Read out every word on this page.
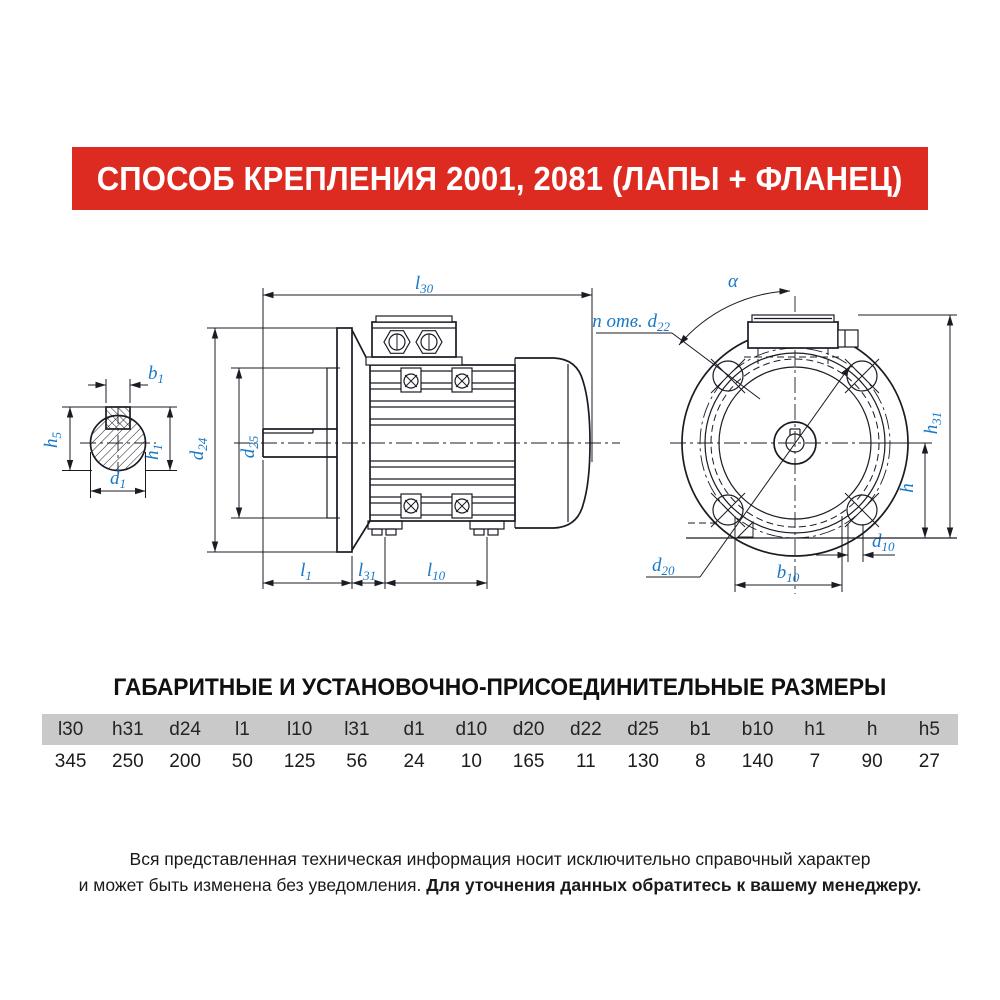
СПОСОБ КРЕПЛЕНИЯ 2001, 2081 (ЛАПЫ + ФЛАНЕЦ)
$b_1$
$h_5$
$h_1$
$d_1$
$l_{30}$
$d_{24}$
$d_{25}$
$l_1$ $l_{31}$	$l_{10}$
α
n отв. $d_{22}$
$d_{20}$	$b_{10}$
$d_{10}$
$h_{31}$
h
ГАБАРИТНЫЕ И УСТАНОВОЧНО-ПРИСОЕДИНИТЕЛЬНЫЕ РАЗМЕРЫ
l30	h31	d24	l1	l10	l31	d1	d10	d20	d22	d25	b1	b10	h1	h	h5
345	250	200	50	125	56	24	10	165	11	130	8	140	7	90	27
Вся представленная техническая информация носит исключительно справочный характер
и может быть изменена без уведомления. Для уточнения данных обратитесь к вашему менеджеру.
